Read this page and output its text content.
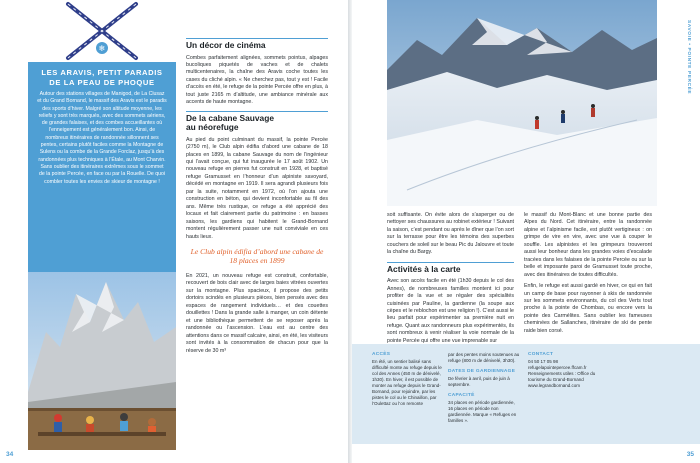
❄
LES ARAVIS, PETIT PARADIS DE LA PEAU DE PHOQUE
Autour des stations villages de Manigod, de La Clusaz et du Grand Bornand, le massif des Aravis est le paradis des sports d’hiver. Malgré son altitude moyenne, les reliefs y sont très marqués, avec des sommets aériens, de grandes falaises, et des combes accueillantes où l’enneigement est généralement bon. Ainsi, de nombreux itinéraires de randonnée sillonnent ses pentes, certains plutôt faciles comme la Montagne de Sulens ou la combe de la Grande Forclaz, jusqu’à des randonnées plus techniques à l’Étale, au Mont Charvin. Sans oublier des itinéraires extrêmes sous le sommet de la pointe Percée, en face ou par la Rouelle. De quoi combler toutes les envies de skieur de montagne !
Un décor de cinéma

Combes parfaitement alignées, sommets pointus, alpages bucoliques piquetés de vaches et de chalets multicentenaires, la chaîne des Aravis coche toutes les cases du cliché alpin. « Ne cherchez pas, tout y est ! Facile d’accès en été, le refuge de la pointe Percée offre en plus, à tout juste 2165 m d’altitude, une ambiance minérale aux accents de haute montagne.

De la cabane Sauvage
au néorefuge

Au pied du point culminant du massif, la pointe Percée (2750 m), le Club alpin édifia d’abord une cabane de 18 places en 1899, la cabane Sauvage du nom de l’ingénieur qui l’avait conçue, qui fut inaugurée le 17 août 1902. Un nouveau refuge en pierres fut construit en 1928, et baptisé refuge Gramusset en l’honneur d’un alpiniste savoyard, décédé en montagne en 1919. Il sera agrandi plusieurs fois par la suite, notamment en 1972, où l’on ajouta une construction en béton, qui devient inconfortable au fil des ans. Même très rustique, ce refuge a été apprécié des locaux et fait clairement partie du patrimoine : en basses saisons, les gardiens qui habitent le Grand-Bornand montent régulièrement passer une nuit conviviale en ces hauts lieux.

Le Club alpin édifia d’abord une cabane de 18 places en 1899

En 2021, un nouveau refuge est construit, confortable, recouvert de bois clair avec de larges baies vitrées ouvertes sur la montagne. Plus spacieux, il propose des petits dortoirs scindés en plusieurs pièces, bien pensés avec des espaces de rangement individuels… et des couettes douillettes ! Dans la grande salle à manger, un coin détente et une bibliothèque permettent de se reposer après la randonnée ou l’ascension. L’eau est au centre des attentions dans ce massif calcaire, ainsi, en été, les visiteurs sont invités à la consommation de chacun pour que la réserve de 30 m³

34
SAVOIE • POINTE PERCÉE

soit suffisante. On évite alors de s’asperger ou de nettoyer ses chaussures au robinet extérieur ! Suivant la saison, c’est pendant ou après le dîner que l’on sort sur la terrasse pour être les témoins des superbes couchers de soleil sur le beau Pic du Jalouvre et toute la chaîne du Bargy.

Activités à la carte

Avec son accès facile en été (1h30 depuis le col des Annes), de nombreuses familles montent ici pour profiter de la vue et se régaler des spécialités cuisinées par Pauline, la gardienne (la soupe aux cèpes et le reblochon est une religion !). C’est aussi le lieu parfait pour expérimenter sa première nuit en refuge. Quant aux randonneurs plus expérimentés, ils sont nombreux à venir réaliser la voie normale de la pointe Percée qui offre une vue imprenable sur

le massif du Mont-Blanc et une bonne partie des Alpes du Nord. Cet itinéraire, entre la randonnée alpine et l’alpinisme facile, est plutôt vertigineux : on grimpe de vire en vire, avec une vue à couper le souffle. Les alpinistes et les grimpeurs trouveront aussi leur bonheur dans les grandes voies d’escalade tracées dans les falaises de la pointe Percée ou sur la belle et imposante paroi de Gramusset toute proche, avec des itinéraires de toutes difficultés.

Enfin, le refuge est aussi gardé en hiver, ce qui en fait un camp de base pour rayonner à skis de randonnée sur les sommets environnants, du col des Verts tout proche à la pointe de Chombas, ou encore vers la pointe des Carmélites. Sans oublier les fameuses cheminées de Sallanches, itinéraire de ski de pente raide bien corsé.

ACCÈS
En été, un sentier balisé sans difficulté monte au refuge depuis le col des Annes (450 m de dénivelé, 1h30). En hiver, il est possible de monter au refuge depuis le Grand-Bornand, pour rejoindre, par les pistes le col ou le Chinaillon, par l’Oulettaz ou l’on remonte
par des pentes moins soutenues au refuge (800 m de dénivelé, 3h30).
DATES DE GARDIENNAGE
De février à avril, puis de juin à septembre.
CAPACITÉ
34 places en période gardiennée, 16 places en période non gardiennée. Marque « Refuges en familles ».
CONTACT
04 50 17 05 98 refugelapointepercee.ffcam.fr Renseignements utiles : Office du tourisme du Grand-Bornand www.legrandbornand.com
35
